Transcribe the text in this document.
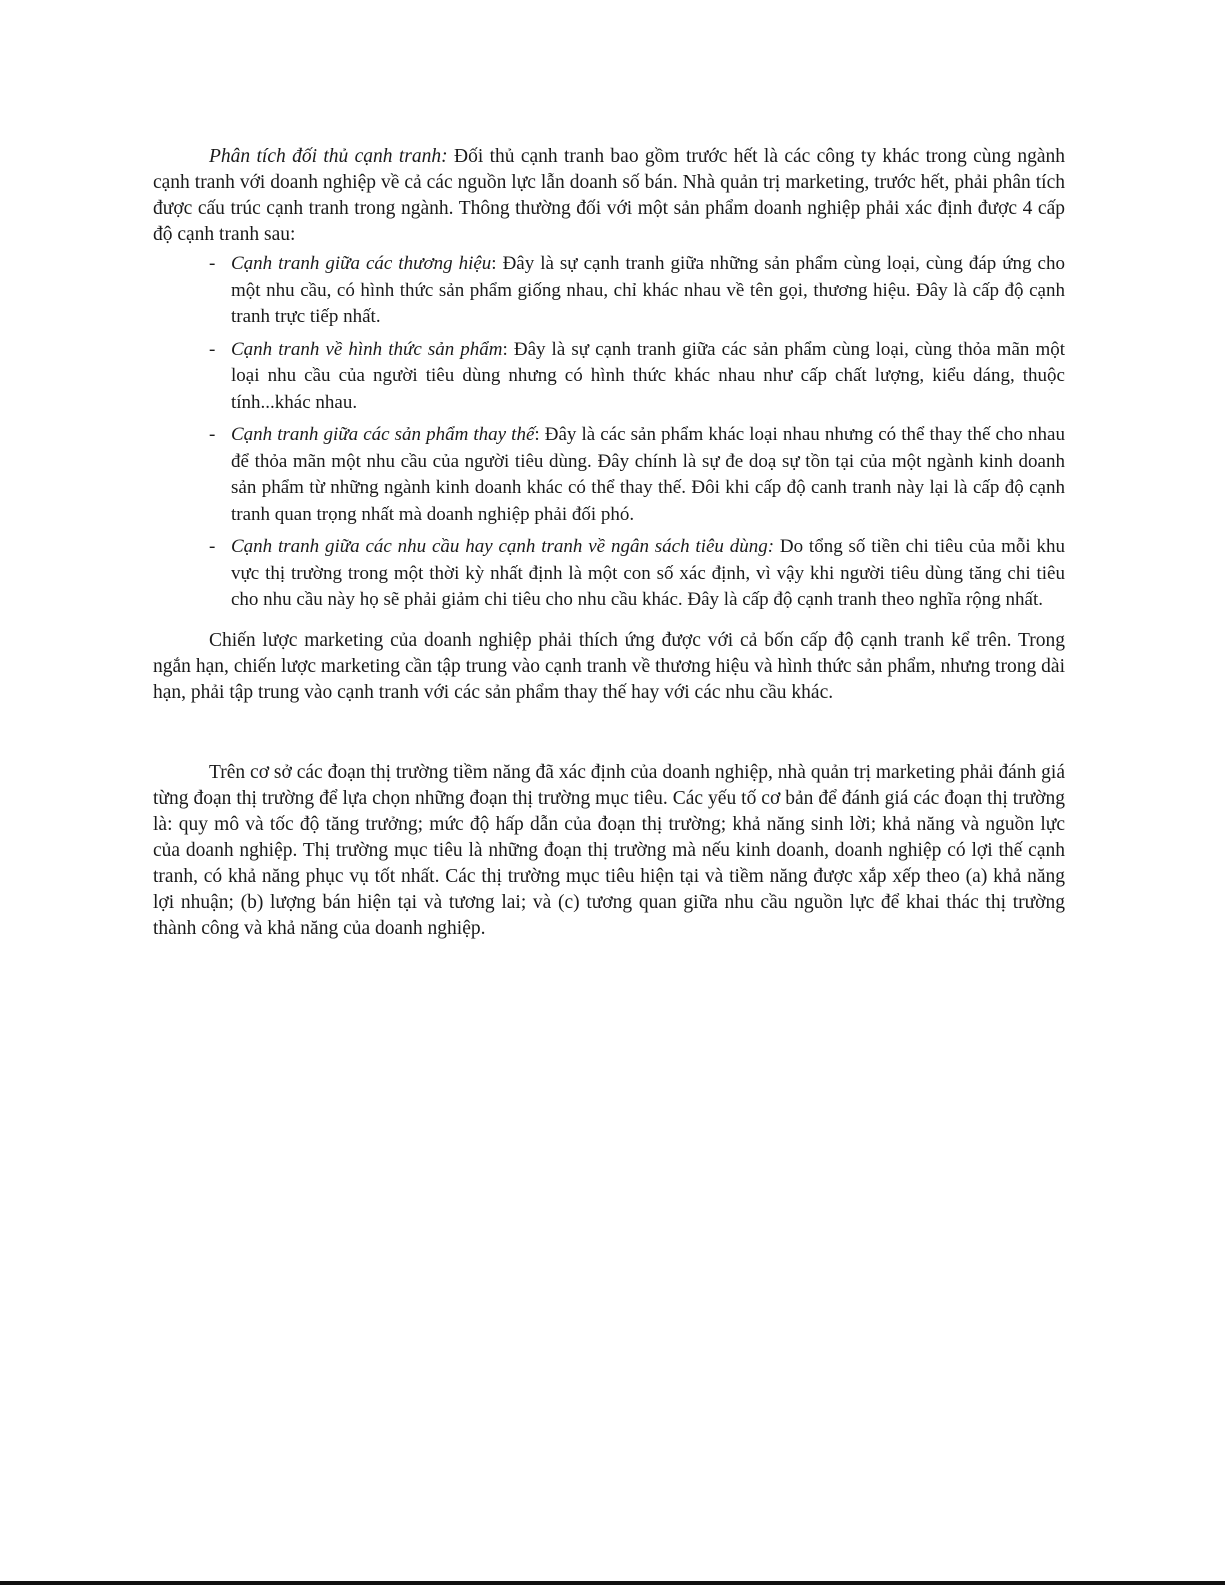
Phân tích đối thủ cạnh tranh: Đối thủ cạnh tranh bao gồm trước hết là các công ty khác trong cùng ngành cạnh tranh với doanh nghiệp về cả các nguồn lực lẫn doanh số bán. Nhà quản trị marketing, trước hết, phải phân tích được cấu trúc cạnh tranh trong ngành. Thông thường đối với một sản phẩm doanh nghiệp phải xác định được 4 cấp độ cạnh tranh sau:

- Cạnh tranh giữa các thương hiệu: Đây là sự cạnh tranh giữa những sản phẩm cùng loại, cùng đáp ứng cho một nhu cầu, có hình thức sản phẩm giống nhau, chỉ khác nhau về tên gọi, thương hiệu. Đây là cấp độ cạnh tranh trực tiếp nhất.
- Cạnh tranh về hình thức sản phẩm: Đây là sự cạnh tranh giữa các sản phẩm cùng loại, cùng thỏa mãn một loại nhu cầu của người tiêu dùng nhưng có hình thức khác nhau như cấp chất lượng, kiểu dáng, thuộc tính...khác nhau.
- Cạnh tranh giữa các sản phẩm thay thế: Đây là các sản phẩm khác loại nhau nhưng có thể thay thế cho nhau để thỏa mãn một nhu cầu của người tiêu dùng. Đây chính là sự đe doạ sự tồn tại của một ngành kinh doanh sản phẩm từ những ngành kinh doanh khác có thể thay thế. Đôi khi cấp độ canh tranh này lại là cấp độ cạnh tranh quan trọng nhất mà doanh nghiệp phải đối phó.
- Cạnh tranh giữa các nhu cầu hay cạnh tranh về ngân sách tiêu dùng: Do tổng số tiền chi tiêu của mỗi khu vực thị trường trong một thời kỳ nhất định là một con số xác định, vì vậy khi người tiêu dùng tăng chi tiêu cho nhu cầu này họ sẽ phải giảm chi tiêu cho nhu cầu khác. Đây là cấp độ cạnh tranh theo nghĩa rộng nhất.

Chiến lược marketing của doanh nghiệp phải thích ứng được với cả bốn cấp độ cạnh tranh kể trên. Trong ngắn hạn, chiến lược marketing cần tập trung vào cạnh tranh về thương hiệu và hình thức sản phẩm, nhưng trong dài hạn, phải tập trung vào cạnh tranh với các sản phẩm thay thế hay với các nhu cầu khác.

Trên cơ sở các đoạn thị trường tiềm năng đã xác định của doanh nghiệp, nhà quản trị marketing phải đánh giá từng đoạn thị trường để lựa chọn những đoạn thị trường mục tiêu. Các yếu tố cơ bản để đánh giá các đoạn thị trường là: quy mô và tốc độ tăng trưởng; mức độ hấp dẫn của đoạn thị trường; khả năng sinh lời; khả năng và nguồn lực của doanh nghiệp. Thị trường mục tiêu là những đoạn thị trường mà nếu kinh doanh, doanh nghiệp có lợi thế cạnh tranh, có khả năng phục vụ tốt nhất. Các thị trường mục tiêu hiện tại và tiềm năng được xắp xếp theo (a) khả năng lợi nhuận; (b) lượng bán hiện tại và tương lai; và (c) tương quan giữa nhu cầu nguồn lực để khai thác thị trường thành công và khả năng của doanh nghiệp.
